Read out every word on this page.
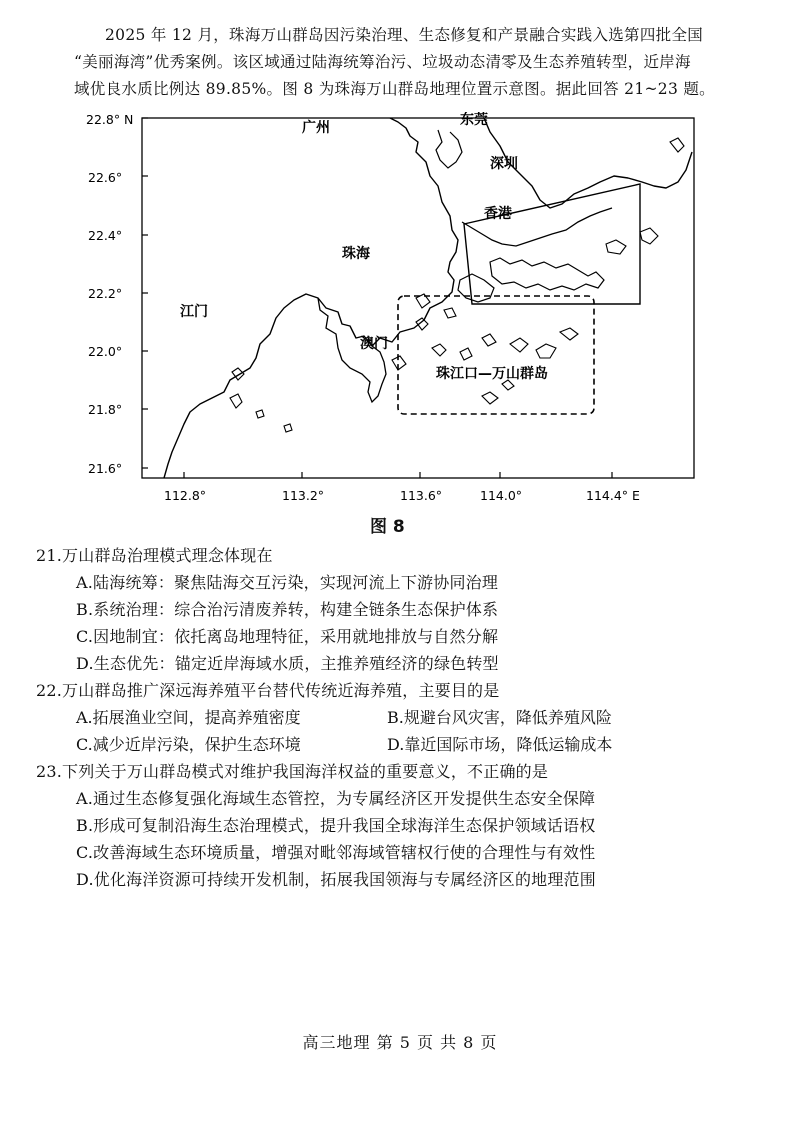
2025 年 12 月，珠海万山群岛因污染治理、生态修复和产景融合实践入选第四批全国
“美丽海湾”优秀案例。该区域通过陆海统筹治污、垃圾动态清零及生态养殖转型，近岸海
域优良水质比例达 89.85%。图 8 为珠海万山群岛地理位置示意图。据此回答 21~23 题。
22.8° N
22.6°
22.4°
22.2°
22.0°
21.8°
21.6°
112.8°	113.2°	113.6°	114.0°	114.4° E
广州	东莞
深圳
香港
珠海
江门
澳门
珠江口—万山群岛
图 8

21.万山群岛治理模式理念体现在

A.陆海统筹：聚焦陆海交互污染，实现河流上下游协同治理

B.系统治理：综合治污清废养转，构建全链条生态保护体系

C.因地制宜：依托离岛地理特征，采用就地排放与自然分解

D.生态优先：锚定近岸海域水质，主推养殖经济的绿色转型

22.万山群岛推广深远海养殖平台替代传统近海养殖，主要目的是

A.拓展渔业空间，提高养殖密度	B.规避台风灾害，降低养殖风险
C.减少近岸污染，保护生态环境	D.靠近国际市场，降低运输成本

23.下列关于万山群岛模式对维护我国海洋权益的重要意义，不正确的是

A.通过生态修复强化海域生态管控，为专属经济区开发提供生态安全保障

B.形成可复制沿海生态治理模式，提升我国全球海洋生态保护领域话语权

C.改善海域生态环境质量，增强对毗邻海域管辖权行使的合理性与有效性

D.优化海洋资源可持续开发机制，拓展我国领海与专属经济区的地理范围

高三地理 第 5 页 共 8 页
